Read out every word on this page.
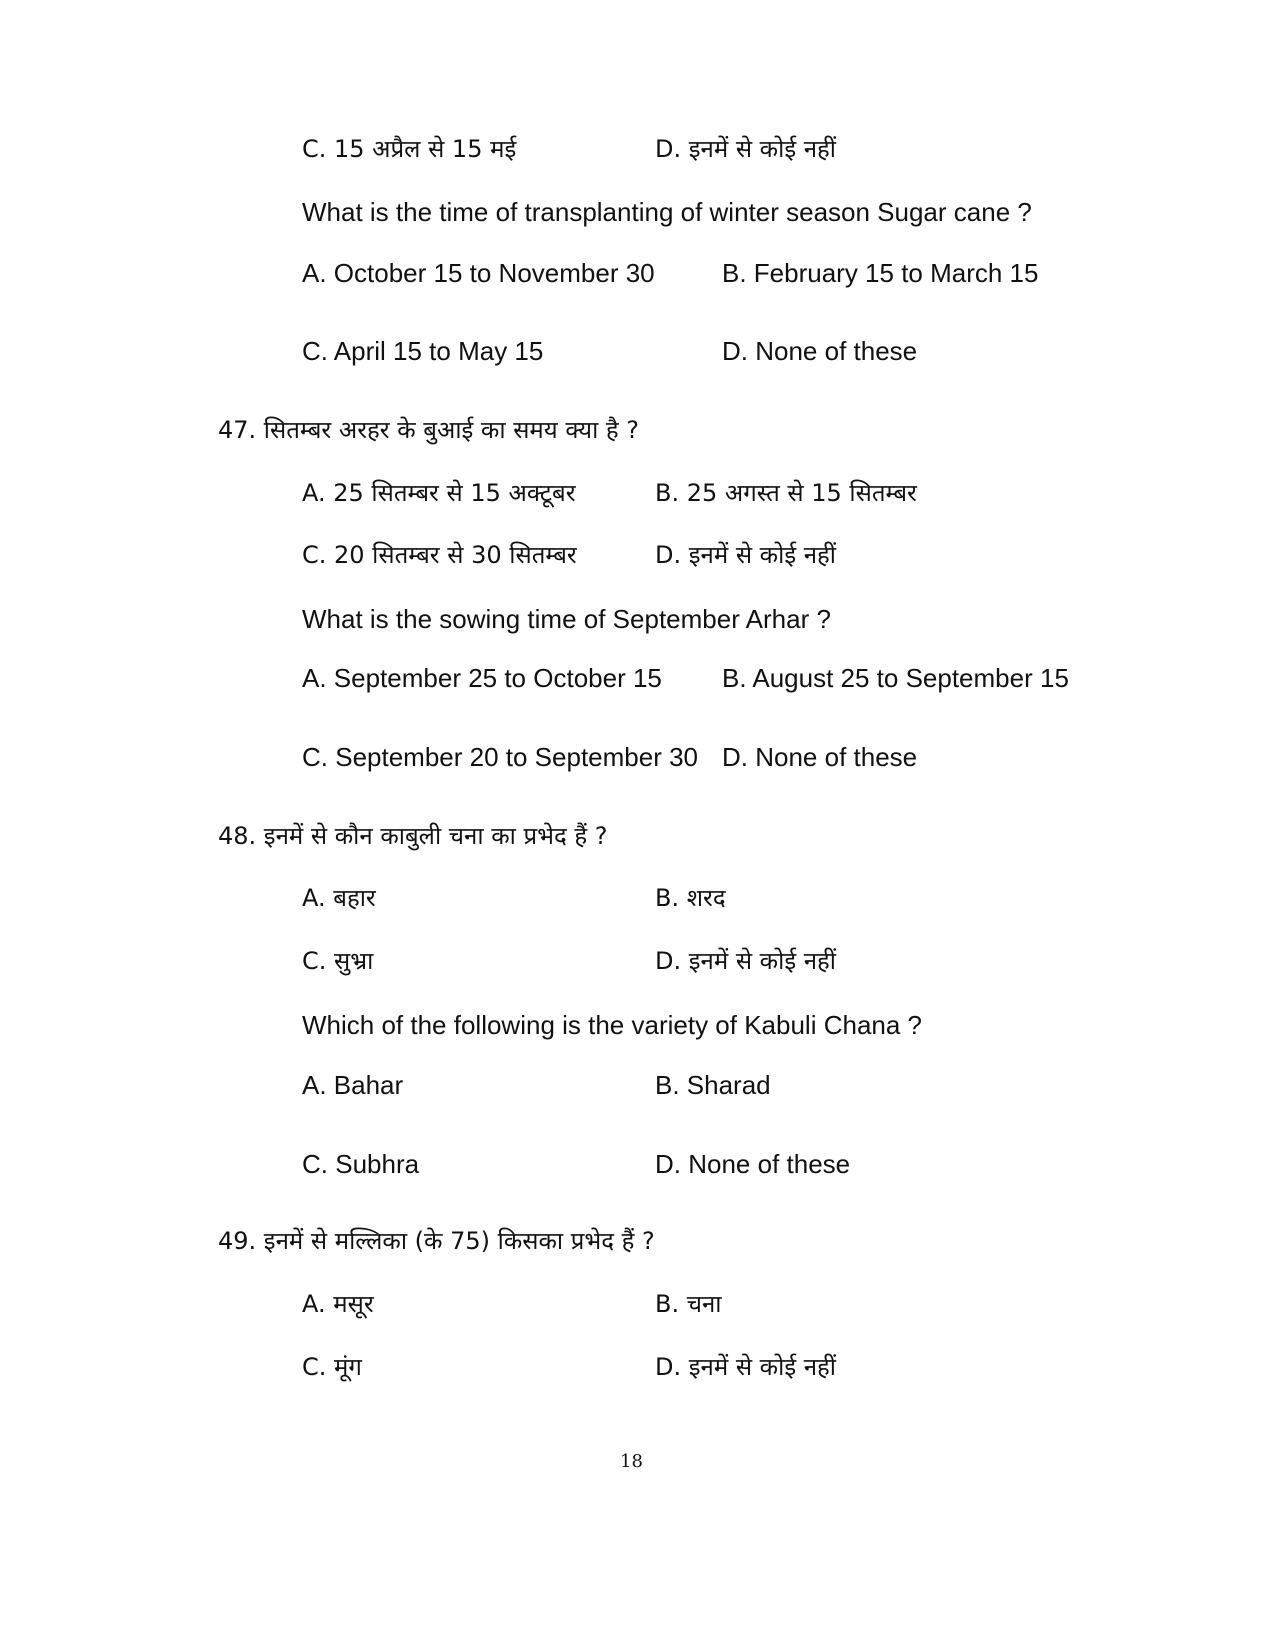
C. 15 अप्रैल से 15 मई	D. इनमें से कोई नहीं
What is the time of transplanting of winter season Sugar cane ?
A. October 15 to November 30	B. February 15 to March 15
C. April 15 to May 15	D. None of these
47. सितम्बर अरहर के बुआई का समय क्या है ?
A. 25 सितम्बर से 15 अक्टूबर	B. 25 अगस्त से 15 सितम्बर
C. 20 सितम्बर से 30 सितम्बर	D. इनमें से कोई नहीं
What is the sowing time of September Arhar ?
A. September 25 to October 15 B. August 25 to September 15
C. September 20 to September 30 D. None of these
48. इनमें से कौन काबुली चना का प्रभेद हैं ?
A. बहार	B. शरद
C. सुभ्रा	D. इनमें से कोई नहीं
Which of the following is the variety of Kabuli Chana ?
A. Bahar	B. Sharad
C. Subhra	D. None of these
49. इनमें से मल्लिका (के 75) किसका प्रभेद हैं ?
A. मसूर	B. चना
C. मूंग	D. इनमें से कोई नहीं
18
